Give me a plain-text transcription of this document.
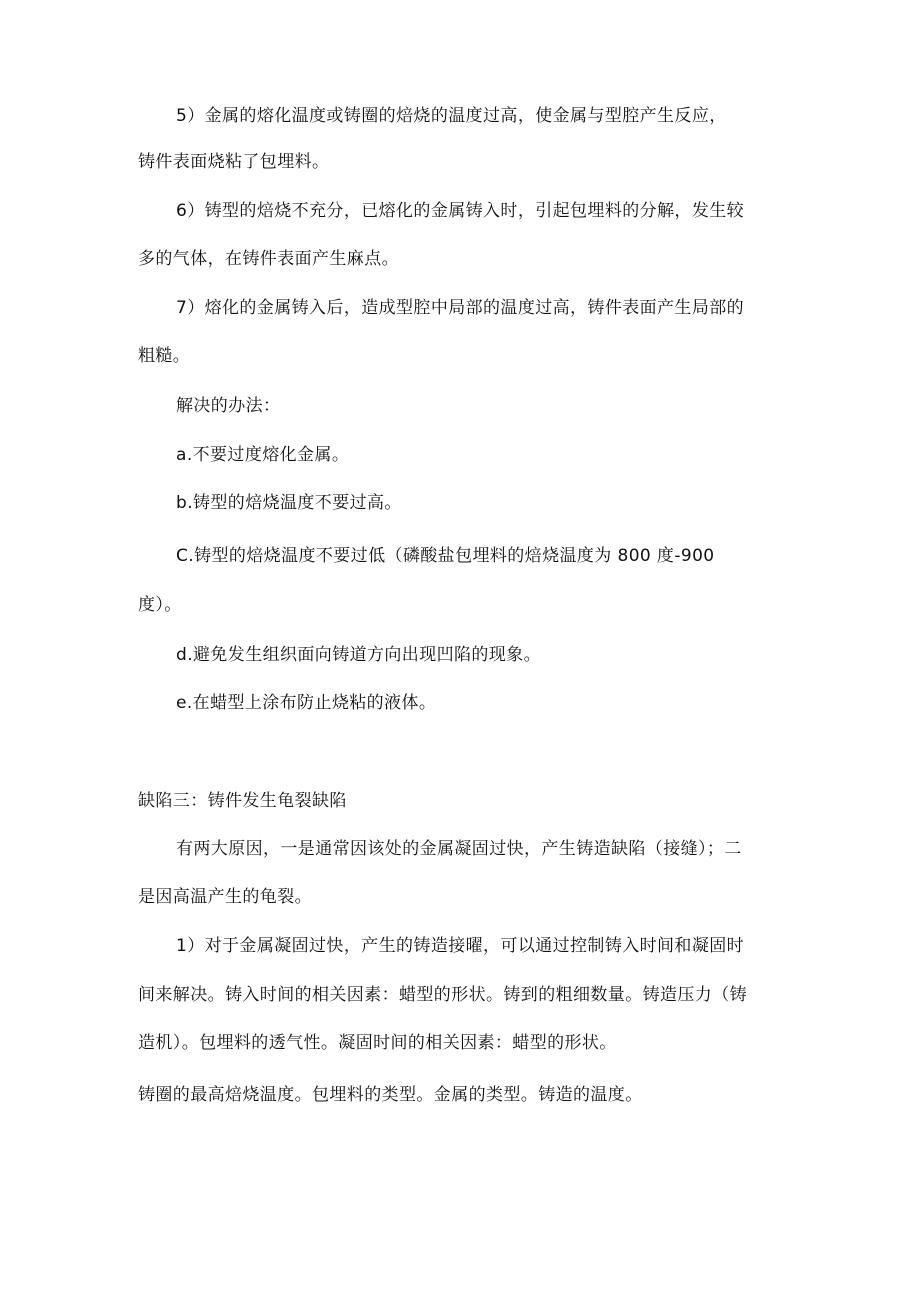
5）金属的熔化温度或铸圈的焙烧的温度过高，使金属与型腔产生反应，
铸件表面烧粘了包埋料。
6）铸型的焙烧不充分，已熔化的金属铸入时，引起包埋料的分解，发生较
多的气体，在铸件表面产生麻点。
7）熔化的金属铸入后，造成型腔中局部的温度过高，铸件表面产生局部的
粗糙。
解决的办法：
a.不要过度熔化金属。
b.铸型的焙烧温度不要过高。
C.铸型的焙烧温度不要过低（磷酸盐包埋料的焙烧温度为 800 度-900
度）。
d.避免发生组织面向铸道方向出现凹陷的现象。
e.在蜡型上涂布防止烧粘的液体。
缺陷三：铸件发生龟裂缺陷
有两大原因，一是通常因该处的金属凝固过快，产生铸造缺陷（接缝）；二
是因高温产生的龟裂。
1）对于金属凝固过快，产生的铸造接曜，可以通过控制铸入时间和凝固时
间来解决。铸入时间的相关因素：蜡型的形状。铸到的粗细数量。铸造压力（铸
造机）。包埋料的透气性。凝固时间的相关因素：蜡型的形状。
铸圈的最高焙烧温度。包埋料的类型。金属的类型。铸造的温度。
